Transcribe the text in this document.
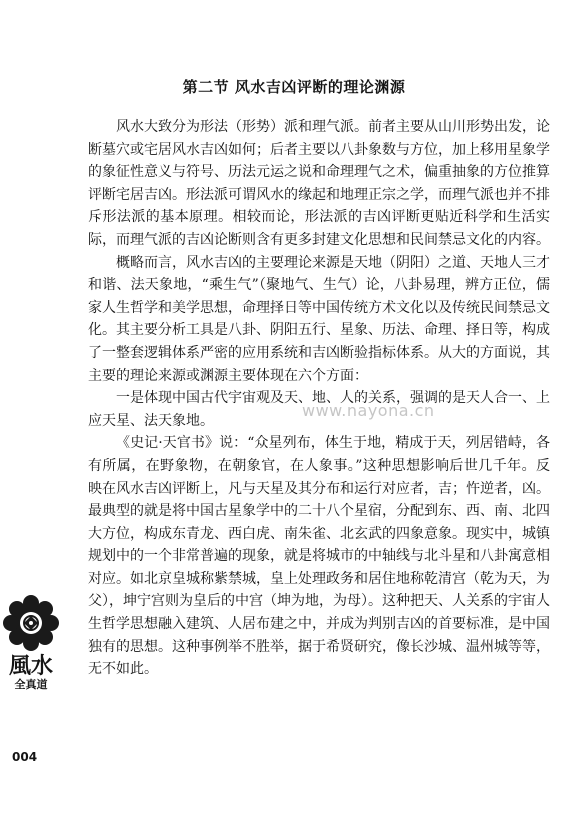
第二节 风水吉凶评断的理论渊源

风水大致分为形法（形势）派和理气派。前者主要从山川形势出发，论断墓穴或宅居风水吉凶如何；后者主要以八卦象数与方位，加上移用星象学的象征性意义与符号、历法元运之说和命理理气之术，偏重抽象的方位推算评断宅居吉凶。形法派可谓风水的缘起和地理正宗之学，而理气派也并不排斥形法派的基本原理。相较而论，形法派的吉凶评断更贴近科学和生活实际，而理气派的吉凶论断则含有更多封建文化思想和民间禁忌文化的内容。

概略而言，风水吉凶的主要理论来源是天地（阴阳）之道、天地人三才和谐、法天象地，“乘生气”（聚地气、生气）论，八卦易理，辨方正位，儒家人生哲学和美学思想，命理择日等中国传统方术文化以及传统民间禁忌文化。其主要分析工具是八卦、阴阳五行、星象、历法、命理、择日等，构成了一整套逻辑体系严密的应用系统和吉凶断验指标体系。从大的方面说，其主要的理论来源或渊源主要体现在六个方面：

一是体现中国古代宇宙观及天、地、人的关系，强调的是天人合一、上应天星、法天象地。

《史记·天官书》说：“众星列布，体生于地，精成于天，列居错峙，各有所属，在野象物，在朝象官，在人象事。”这种思想影响后世几千年。反映在风水吉凶评断上，凡与天星及其分布和运行对应者，吉；忤逆者，凶。最典型的就是将中国古星象学中的二十八个星宿，分配到东、西、南、北四大方位，构成东青龙、西白虎、南朱雀、北玄武的四象意象。现实中，城镇规划中的一个非常普遍的现象，就是将城市的中轴线与北斗星和八卦寓意相对应。如北京皇城称紫禁城，皇上处理政务和居住地称乾清宫（乾为天，为父），坤宁宫则为皇后的中宫（坤为地，为母）。这种把天、人关系的宇宙人生哲学思想融入建筑、人居布建之中，并成为判别吉凶的首要标准，是中国独有的思想。这种事例举不胜举，据于希贤研究，像长沙城、温州城等等，无不如此。

www.nayona.cn
風水
全真道
004
